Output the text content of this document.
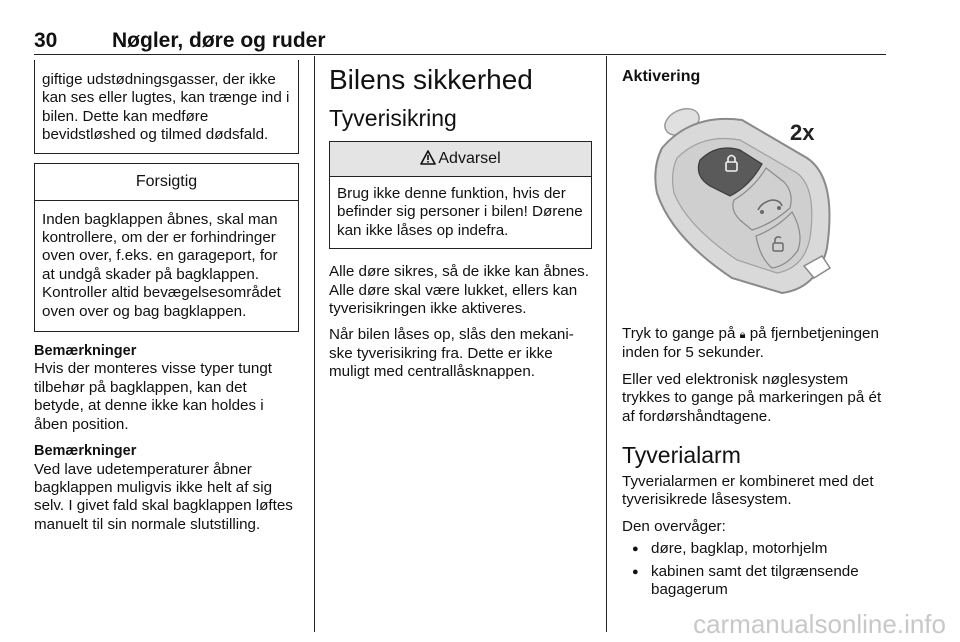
30	Nøgler, døre og ruder

giftige udstødningsgasser, der ikke kan ses eller lugtes, kan trænge ind i bilen. Dette kan medføre bevidstløshed og tilmed dødsfald.

Forsigtig
Inden bagklappen åbnes, skal man kontrollere, om der er forhindringer oven over, f.eks. en garageport, for at undgå skader på bagklappen. Kontroller altid bevægelsesområdet oven over og bag bagklappen.
Bemærkninger

Hvis der monteres visse typer tungt tilbehør på bagklappen, kan det betyde, at denne ikke kan holdes i åben position.

Bemærkninger

Ved lave udetemperaturer åbner bagklappen muligvis ikke helt af sig selv. I givet fald skal bagklappen løftes manuelt til sin normale slutstilling.

Bilens sikkerhed
Tyverisikring
Advarsel
Brug ikke denne funktion, hvis der befinder sig personer i bilen! Dørene kan ikke låses op indefra.

Alle døre sikres, så de ikke kan åbnes. Alle døre skal være lukket, ellers kan tyverisikringen ikke aktiveres.

Når bilen låses op, slås den mekaniske tyverisikring fra. Dette er ikke muligt med centrallåsknappen.

Aktivering
2x

Tryk to gange på 🔒︎ på fjernbetjeningen inden for 5 sekunder.

Eller ved elektronisk nøglesystem trykkes to gange på markeringen på ét af fordørshåndtagene.

Tyverialarm

Tyverialarmen er kombineret med det tyverisikrede låsesystem.

Den overvåger:

● døre, bagklap, motorhjelm
● kabinen samt det tilgrænsende bagagerum
carmanualsonline.info
